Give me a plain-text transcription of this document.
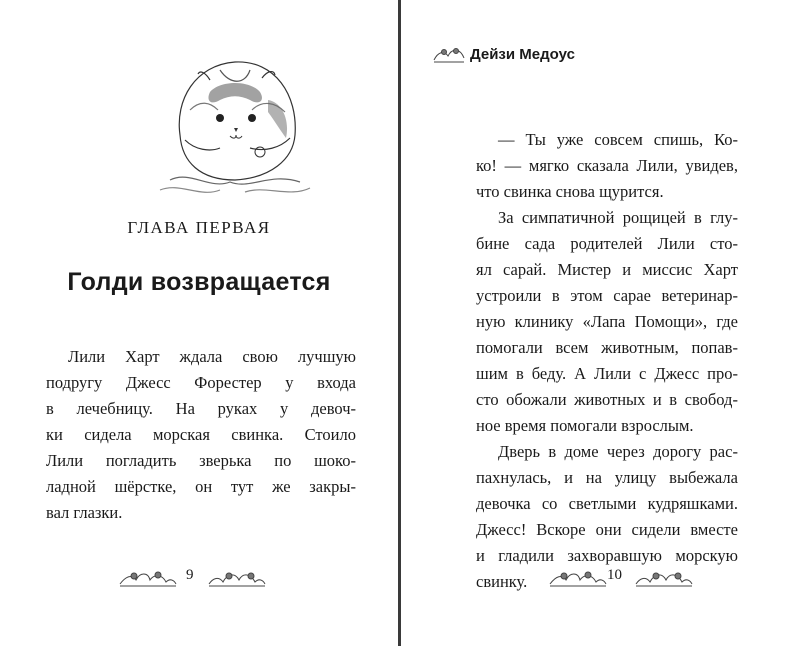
ГЛАВА ПЕРВАЯ
Голди возвращается
Лили Харт ждала свою лучшую
подругу Джесс Форестер у входа
в лечебницу. На руках у девоч-
ки сидела морская свинка. Стоило
Лили погладить зверька по шоко-
ладной шёрстке, он тут же закры-
вал глазки.
9
Дейзи Медоус
— Ты уже совсем спишь, Ко-
ко! — мягко сказала Лили, увидев,
что свинка снова щурится.
За симпатичной рощицей в глу-
бине сада родителей Лили сто-
ял сарай. Мистер и миссис Харт
устроили в этом сарае ветеринар-
ную клинику «Лапа Помощи», где
помогали всем животным, попав-
шим в беду. А Лили с Джесс про-
сто обожали животных и в свобод-
ное время помогали взрослым.
Дверь в доме через дорогу рас-
пахнулась, и на улицу выбежала
девочка со светлыми кудряшками.
Джесс! Вскоре они сидели вместе
и гладили захворавшую морскую
свинку.	10
